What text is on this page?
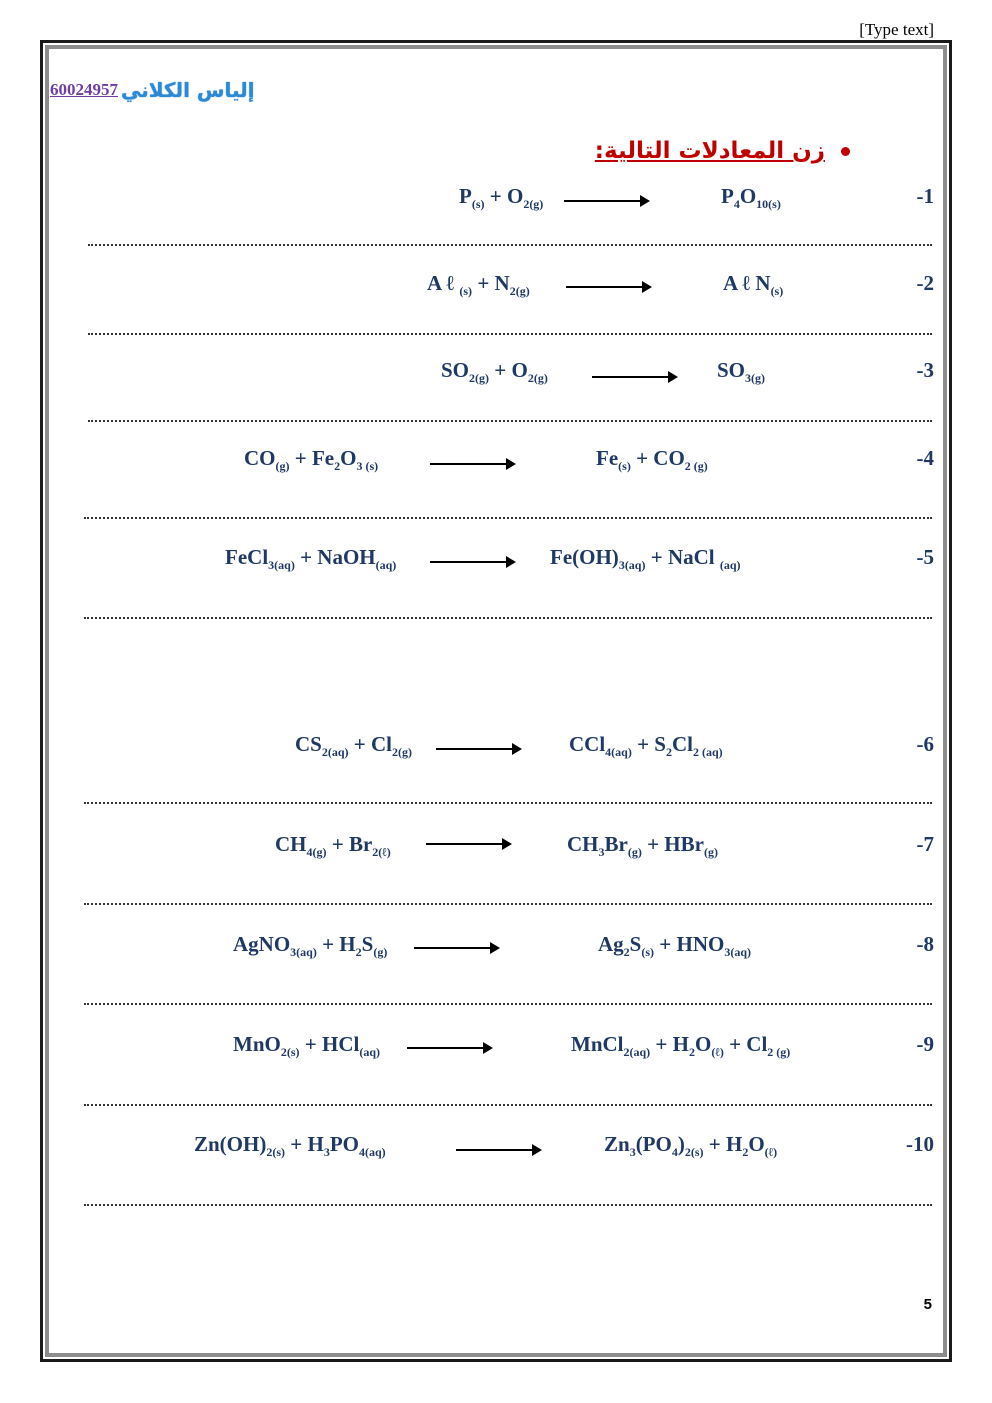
[Type text]
60024957 إلياس الكلاني
زن المعادلات التالية:
$P_{(s)} + O_{2(g)}$	$P_4O_{10(s)}$	-1
A ℓ $_{(s)} + N_{2(g)}$	A ℓ $N_{(s)}$	-2
$SO_{2(g)} + O_{2(g)}$	$SO_{3(g)}$	-3
$CO_{(g)} + Fe_2O_{3 (s)}$	$Fe_{(s)} + CO_{2 (g)}$	-4
FeCl$_{3(aq)}$ + NaOH$_{(aq)}$	$Fe(OH)_{3(aq)}$ + NaCl $_{(aq)}$	-5
$CS_{2(aq)} + Cl_{2(g)}$	$CCl_{4(aq)} + S_2Cl_{2 (aq)}$	-6
$CH_{4(g)} + Br_{2(\ell)}$	$CH_3Br_{(g)} + HBr_{(g)}$	-7
AgNO$_{3(aq)}$ + $H_2S_{(g)}$	$Ag_2S_{(s)} + HNO_{3(aq)}$	-8
MnO$_{2(s)}$ + HCl$_{(aq)}$	MnCl$_{2(aq)}$ + $H_2O_{(\ell)} + Cl_{2 (g)}$	-9
$Zn(OH)_{2(s)} + H_3PO_{4(aq)}$	$Zn_3(PO_4)_{2(s)} + H_2O_{(\ell)}$	-10
5
